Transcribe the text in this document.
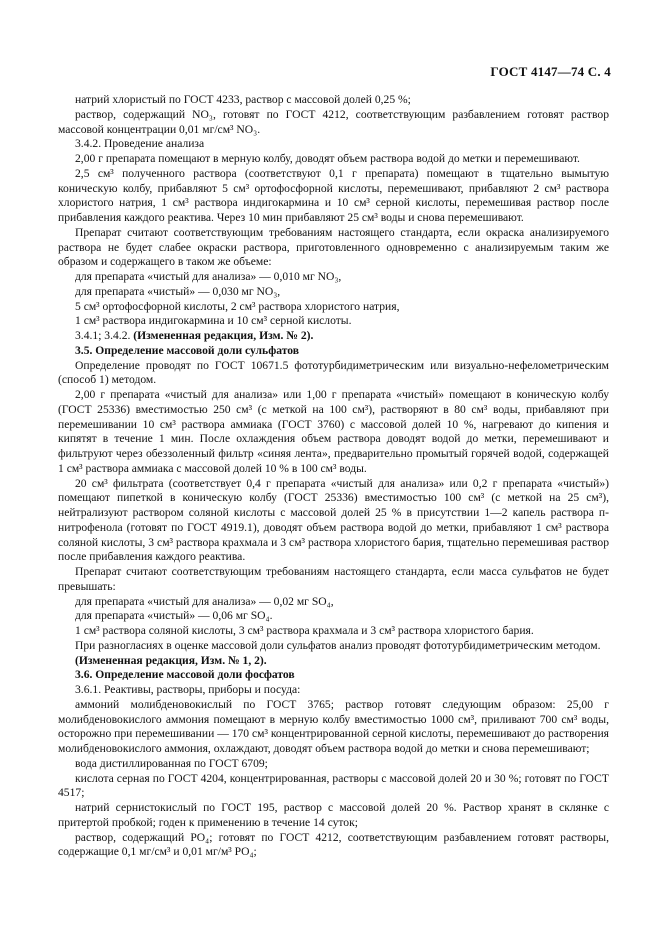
ГОСТ 4147—74 С. 4

натрий хлористый по ГОСТ 4233, раствор с массовой долей 0,25 %;

раствор, содержащий NO₃, готовят по ГОСТ 4212, соответствующим разбавлением готовят раствор массовой концентрации 0,01 мг/см³ NO₃.

3.4.2. Проведение анализа

2,00 г препарата помещают в мерную колбу, доводят объем раствора водой до метки и перемешивают.

2,5 см³ полученного раствора (соответствуют 0,1 г препарата) помещают в тщательно вымытую коническую колбу, прибавляют 5 см³ ортофосфорной кислоты, перемешивают, прибавляют 2 см³ раствора хлористого натрия, 1 см³ раствора индигокармина и 10 см³ серной кислоты, перемешивая раствор после прибавления каждого реактива. Через 10 мин прибавляют 25 см³ воды и снова перемешивают.

Препарат считают соответствующим требованиям настоящего стандарта, если окраска анализируемого раствора не будет слабее окраски раствора, приготовленного одновременно с анализируемым таким же образом и содержащего в таком же объеме:

для препарата «чистый для анализа» — 0,010 мг NO₃,

для препарата «чистый» — 0,030 мг NO₃,

5 см³ ортофосфорной кислоты, 2 см³ раствора хлористого натрия,

1 см³ раствора индигокармина и 10 см³ серной кислоты.

3.4.1; 3.4.2. (Измененная редакция, Изм. № 2).

3.5. Определение массовой доли сульфатов

Определение проводят по ГОСТ 10671.5 фототурбидиметрическим или визуально-нефелометрическим (способ 1) методом.

2,00 г препарата «чистый для анализа» или 1,00 г препарата «чистый» помещают в коническую колбу (ГОСТ 25336) вместимостью 250 см³ (с меткой на 100 см³), растворяют в 80 см³ воды, прибавляют при перемешивании 10 см³ раствора аммиака (ГОСТ 3760) с массовой долей 10 %, нагревают до кипения и кипятят в течение 1 мин. После охлаждения объем раствора доводят водой до метки, перемешивают и фильтруют через обеззоленный фильтр «синяя лента», предварительно промытый горячей водой, содержащей 1 см³ раствора аммиака с массовой долей 10 % в 100 см³ воды.

20 см³ фильтрата (соответствует 0,4 г препарата «чистый для анализа» или 0,2 г препарата «чистый») помещают пипеткой в коническую колбу (ГОСТ 25336) вместимостью 100 см³ (с меткой на 25 см³), нейтрализуют раствором соляной кислоты с массовой долей 25 % в присутствии 1—2 капель раствора п-нитрофенола (готовят по ГОСТ 4919.1), доводят объем раствора водой до метки, прибавляют 1 см³ раствора соляной кислоты, 3 см³ раствора крахмала и 3 см³ раствора хлористого бария, тщательно перемешивая раствор после прибавления каждого реактива.

Препарат считают соответствующим требованиям настоящего стандарта, если масса сульфатов не будет превышать:

для препарата «чистый для анализа» — 0,02 мг SO₄,

для препарата «чистый» — 0,06 мг SO₄.

1 см³ раствора соляной кислоты, 3 см³ раствора крахмала и 3 см³ раствора хлористого бария.

При разногласиях в оценке массовой доли сульфатов анализ проводят фототурбидиметрическим методом.

(Измененная редакция, Изм. № 1, 2).

3.6. Определение массовой доли фосфатов

3.6.1. Реактивы, растворы, приборы и посуда:

аммоний молибденовокислый по ГОСТ 3765; раствор готовят следующим образом: 25,00 г молибденовокислого аммония помещают в мерную колбу вместимостью 1000 см³, приливают 700 см³ воды, осторожно при перемешивании — 170 см³ концентрированной серной кислоты, перемешивают до растворения молибденовокислого аммония, охлаждают, доводят объем раствора водой до метки и снова перемешивают;

вода дистиллированная по ГОСТ 6709;

кислота серная по ГОСТ 4204, концентрированная, растворы с массовой долей 20 и 30 %; готовят по ГОСТ 4517;

натрий сернистокислый по ГОСТ 195, раствор с массовой долей 20 %. Раствор хранят в склянке с притертой пробкой; годен к применению в течение 14 суток;

раствор, содержащий PO₄; готовят по ГОСТ 4212, соответствующим разбавлением готовят растворы, содержащие 0,1 мг/см³ и 0,01 мг/м³ PO₄;
